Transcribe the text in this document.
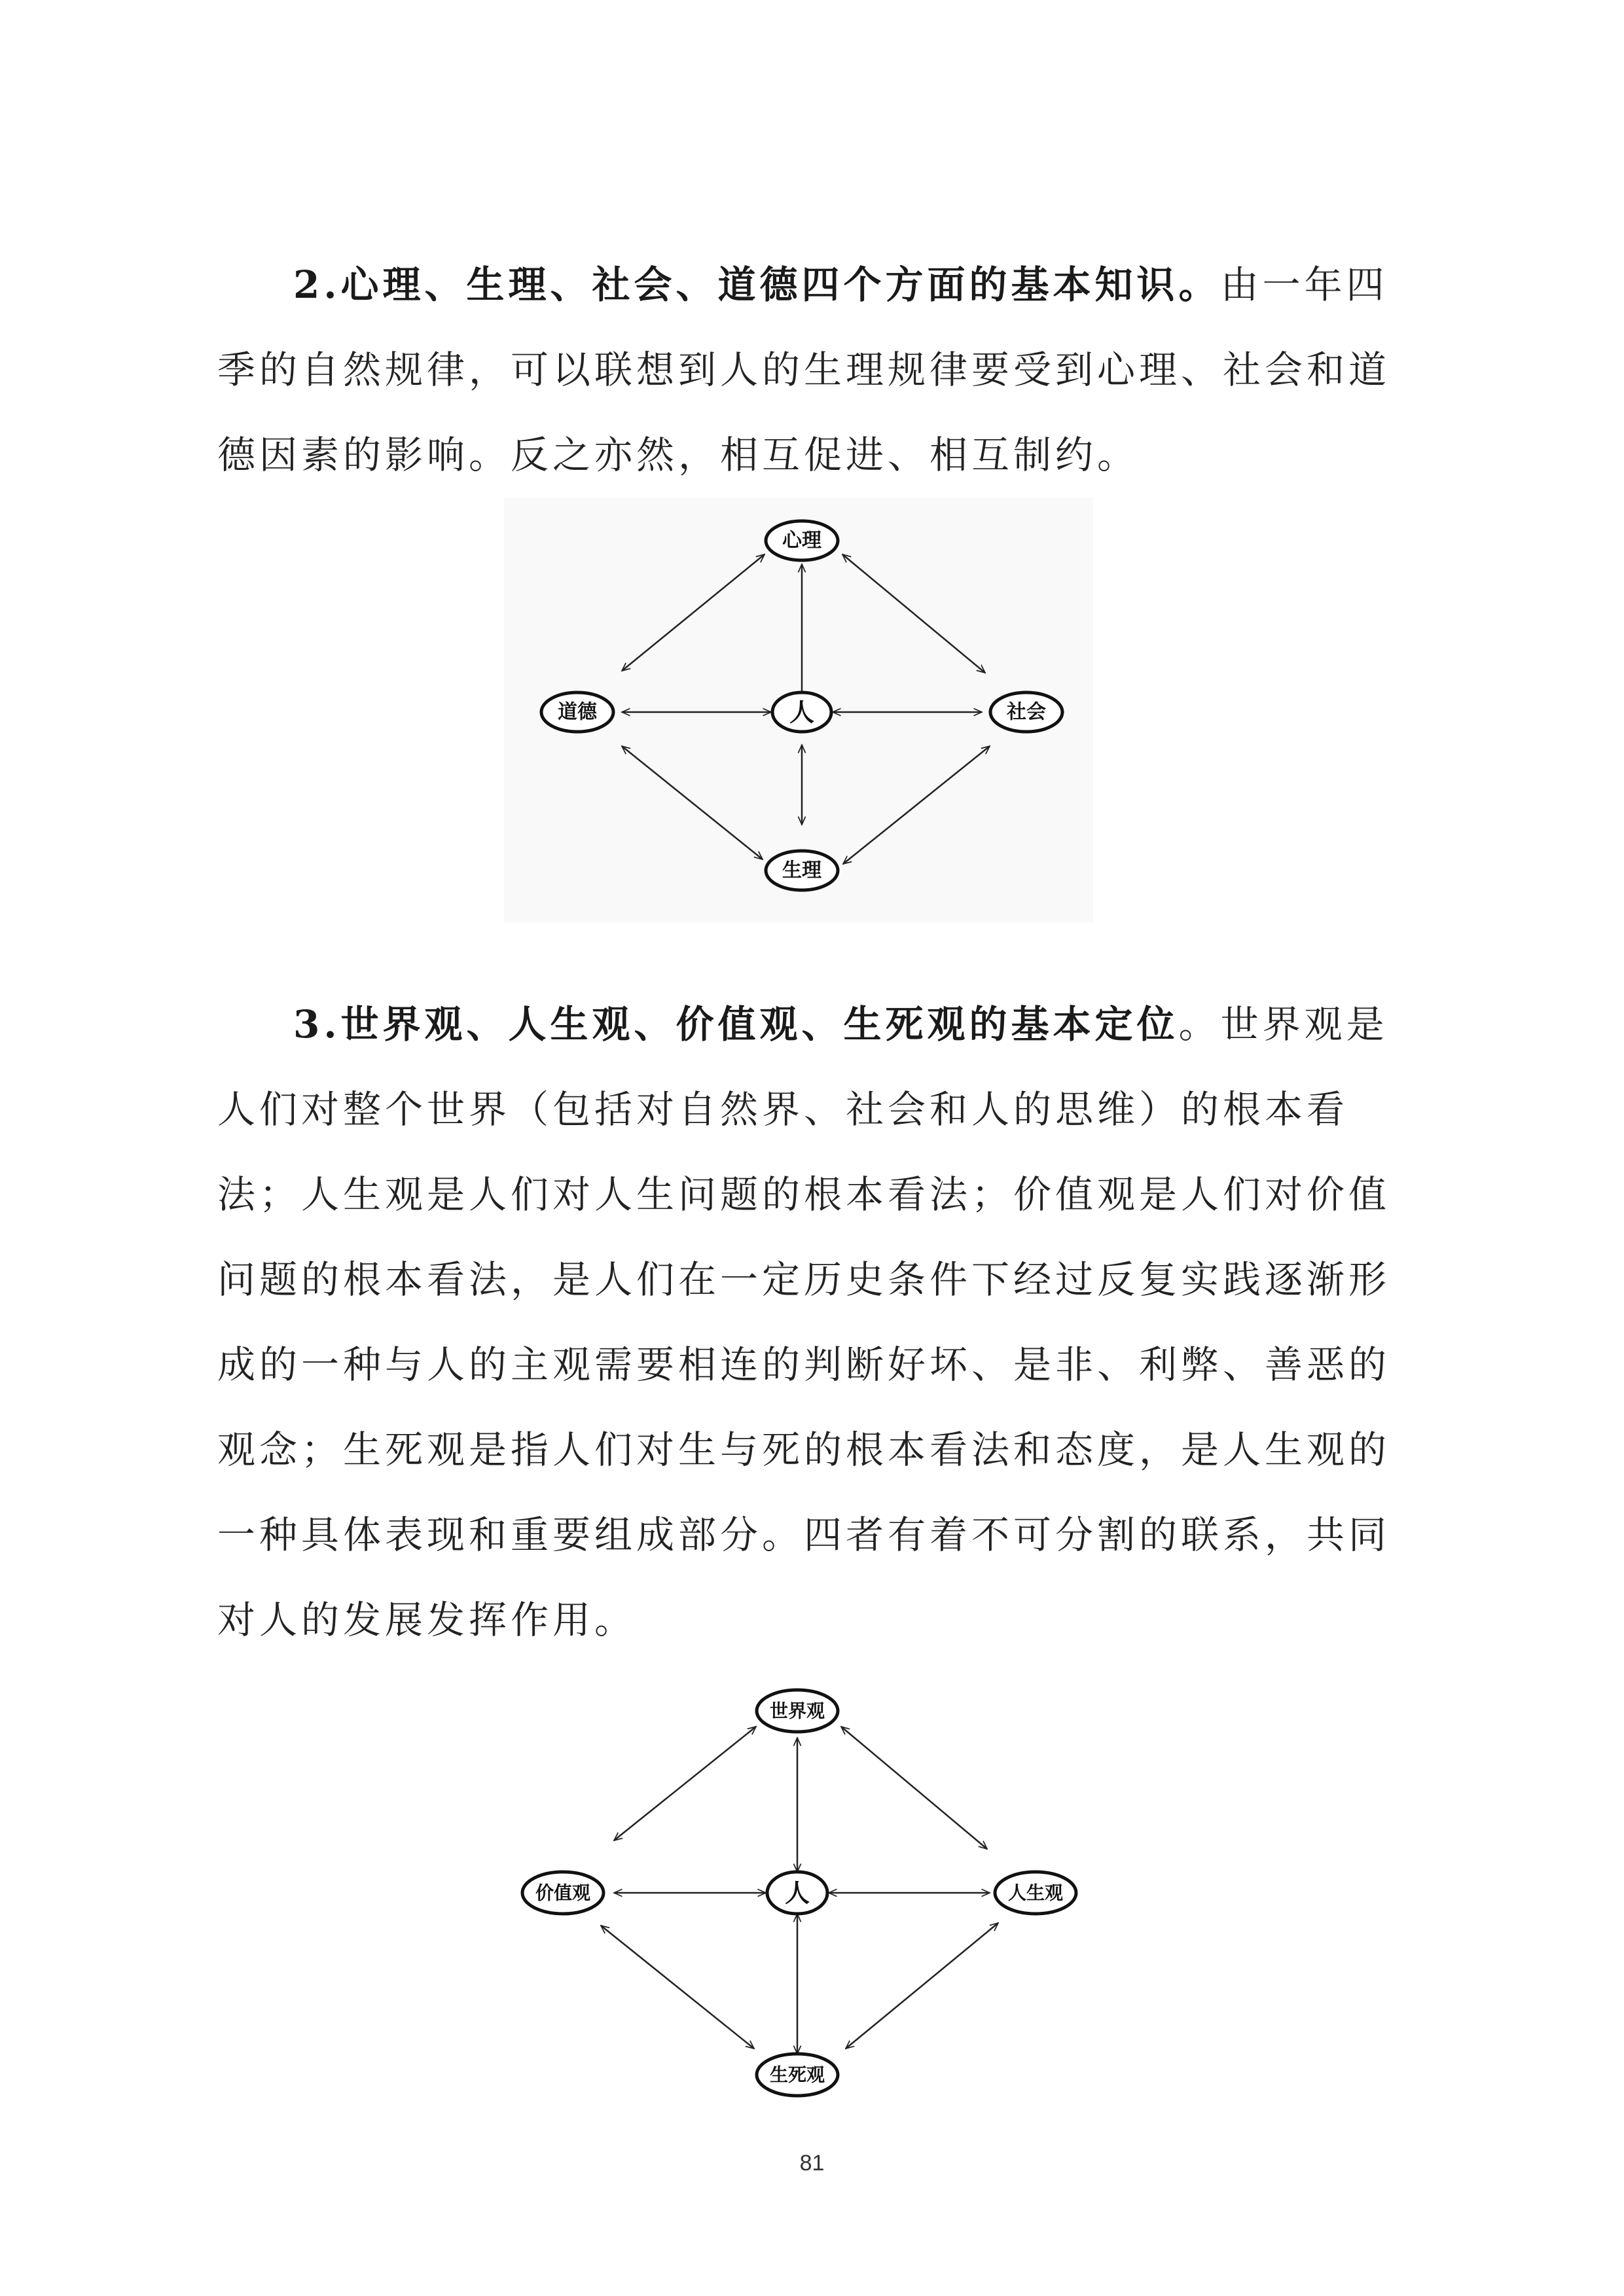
2.心理、生理、社会、道德四个方面的基本知识。由一年四季的自然规律，可以联想到人的生理规律要受到心理、社会和道德因素的影响。反之亦然，相互促进、相互制约。

心理
道德	人	社会
生理

3.世界观、人生观、价值观、生死观的基本定位。世界观是人们对整个世界（包括对自然界、社会和人的思维）的根本看法；人生观是人们对人生问题的根本看法；价值观是人们对价值问题的根本看法，是人们在一定历史条件下经过反复实践逐渐形成的一种与人的主观需要相连的判断好坏、是非、利弊、善恶的观念；生死观是指人们对生与死的根本看法和态度，是人生观的一种具体表现和重要组成部分。四者有着不可分割的联系，共同对人的发展发挥作用。

世界观
价值观	人	人生观
生死观
81
